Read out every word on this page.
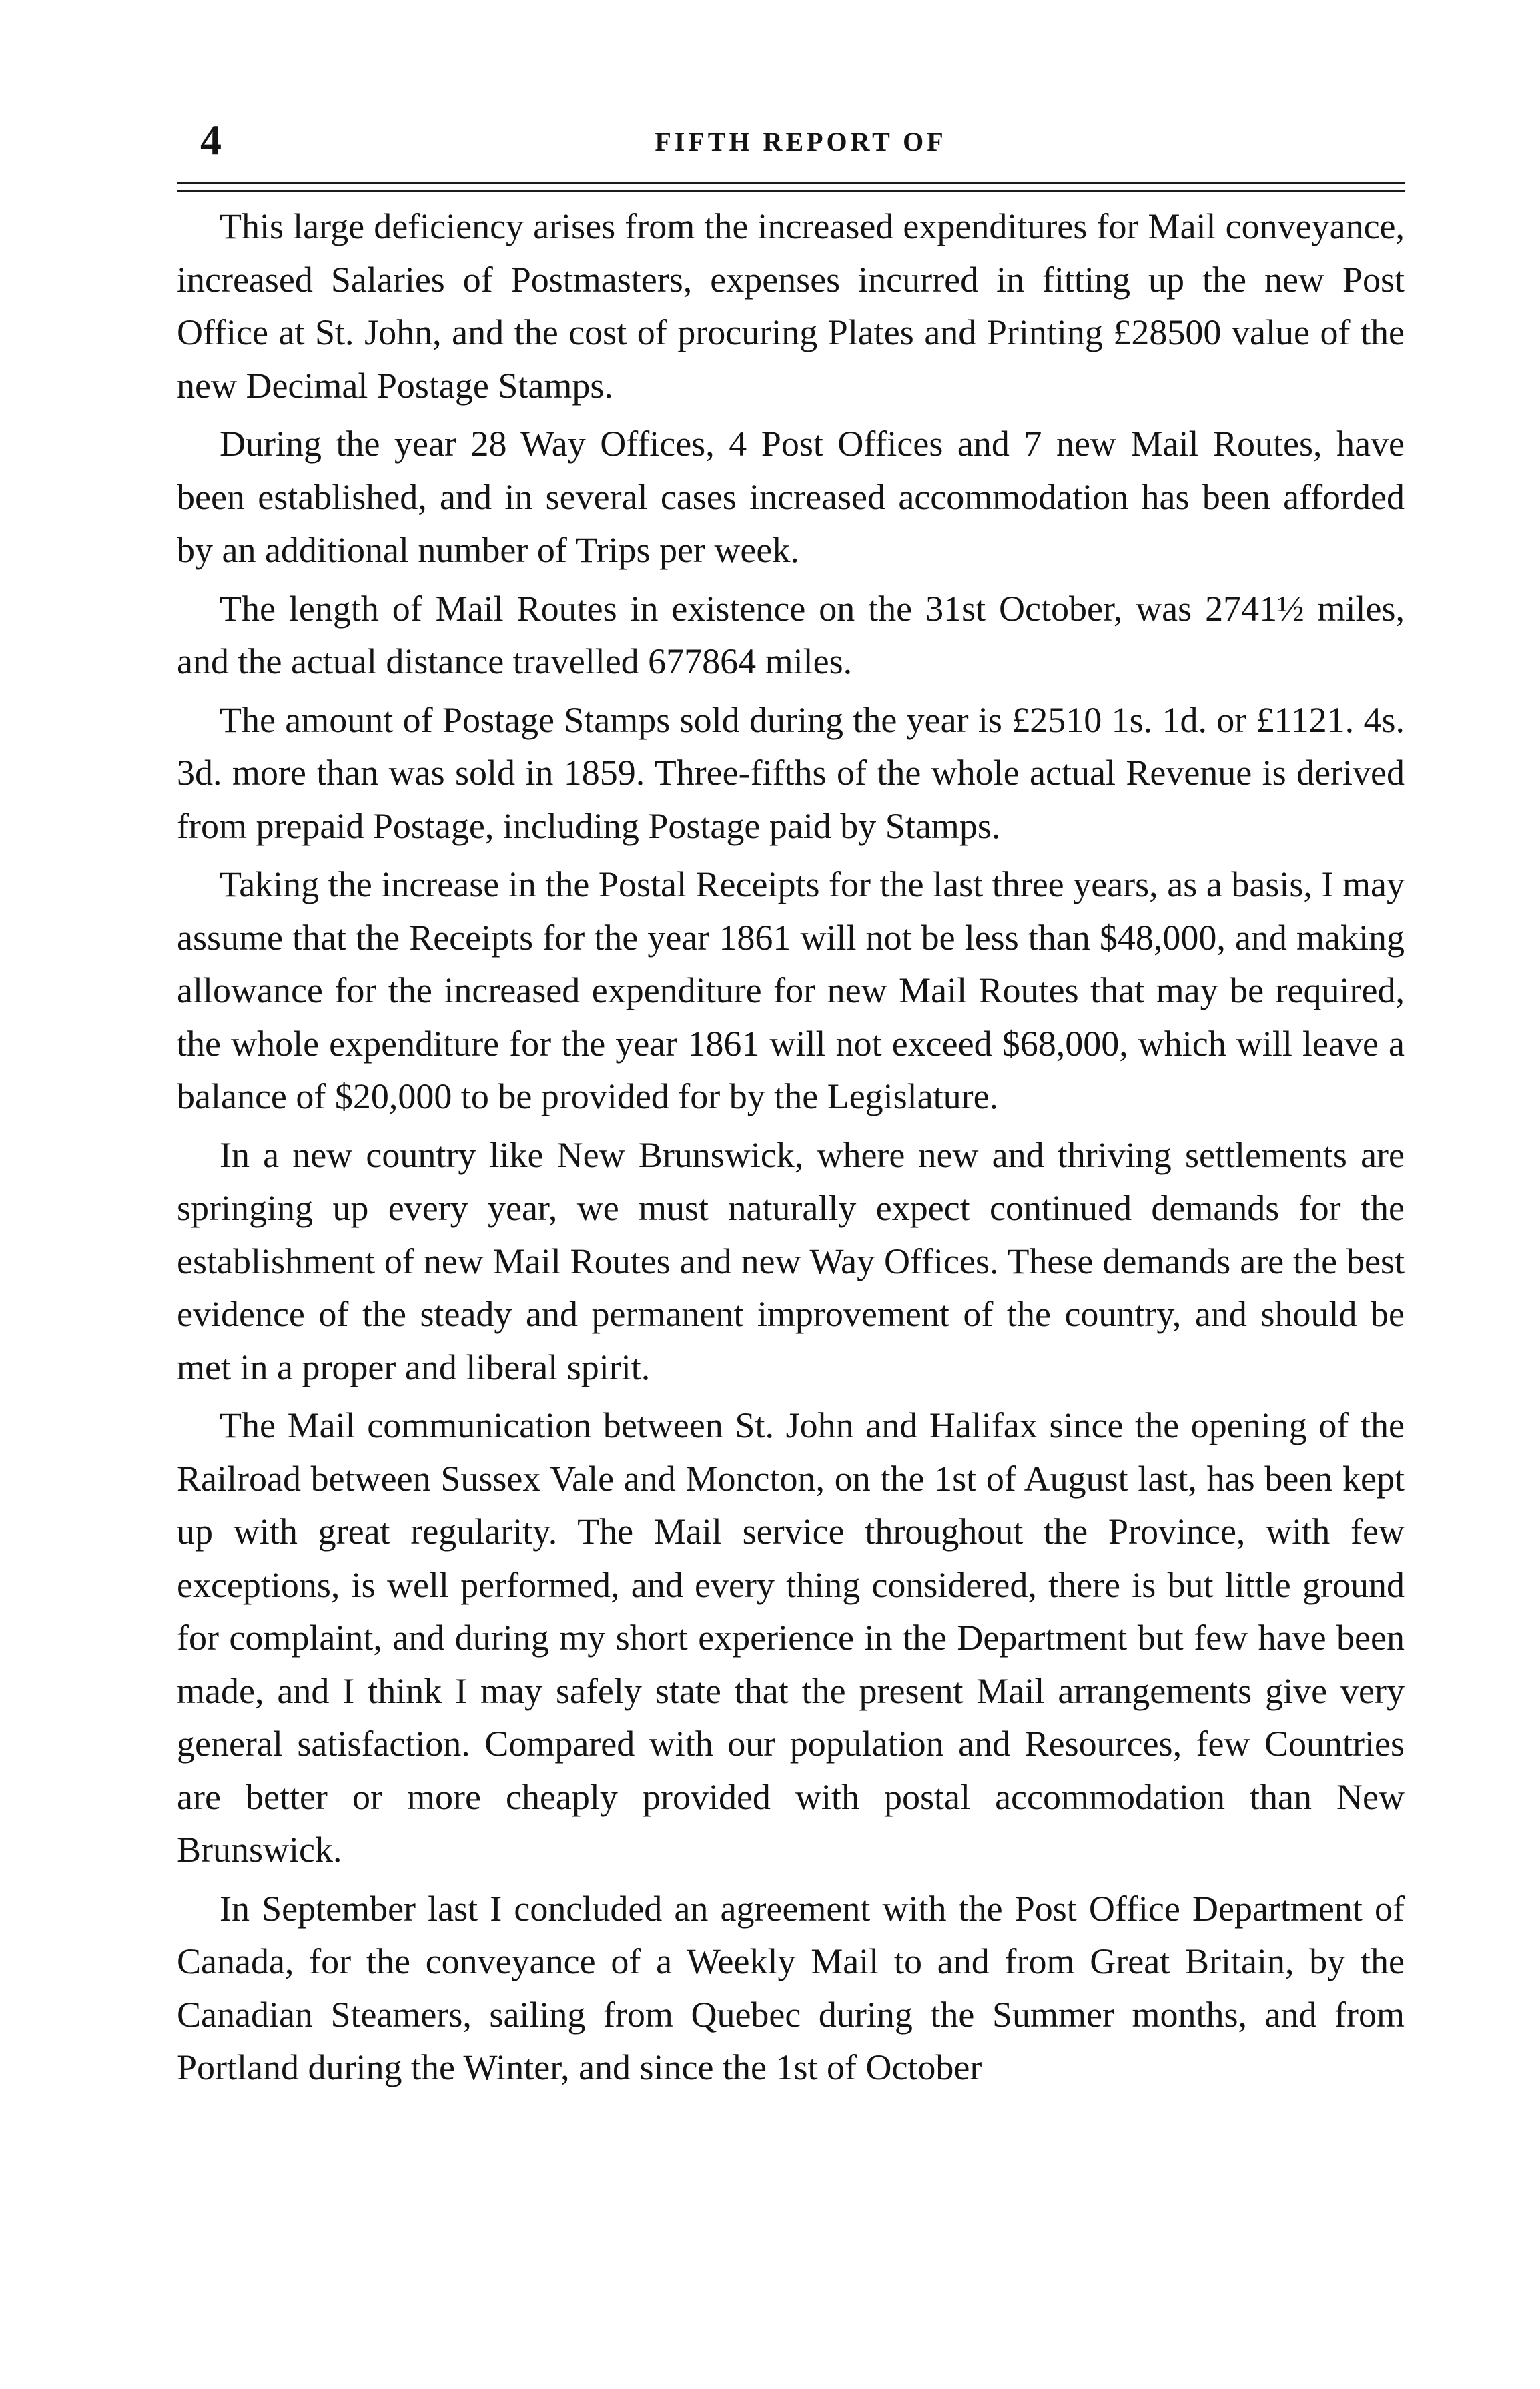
4	FIFTH REPORT OF

This large deficiency arises from the increased expenditures for Mail conveyance, increased Salaries of Postmasters, expenses incurred in fitting up the new Post Office at St. John, and the cost of procuring Plates and Printing £28500 value of the new Decimal Postage Stamps.

During the year 28 Way Offices, 4 Post Offices and 7 new Mail Routes, have been established, and in several cases increased accommodation has been afforded by an additional number of Trips per week.

The length of Mail Routes in existence on the 31st October, was 2741½ miles, and the actual distance travelled 677864 miles.

The amount of Postage Stamps sold during the year is £2510 1s. 1d. or £1121. 4s. 3d. more than was sold in 1859. Three-fifths of the whole actual Revenue is derived from prepaid Postage, including Postage paid by Stamps.

Taking the increase in the Postal Receipts for the last three years, as a basis, I may assume that the Receipts for the year 1861 will not be less than $48,000, and making allowance for the increased expenditure for new Mail Routes that may be required, the whole expenditure for the year 1861 will not exceed $68,000, which will leave a balance of $20,000 to be provided for by the Legislature.

In a new country like New Brunswick, where new and thriving settlements are springing up every year, we must naturally expect continued demands for the establishment of new Mail Routes and new Way Offices. These demands are the best evidence of the steady and permanent improvement of the country, and should be met in a proper and liberal spirit.

The Mail communication between St. John and Halifax since the opening of the Railroad between Sussex Vale and Moncton, on the 1st of August last, has been kept up with great regularity. The Mail service throughout the Province, with few exceptions, is well performed, and every thing considered, there is but little ground for complaint, and during my short experience in the Department but few have been made, and I think I may safely state that the present Mail arrangements give very general satisfaction. Compared with our population and Resources, few Countries are better or more cheaply provided with postal accommodation than New Brunswick.

In September last I concluded an agreement with the Post Office Department of Canada, for the conveyance of a Weekly Mail to and from Great Britain, by the Canadian Steamers, sailing from Quebec during the Summer months, and from Portland during the Winter, and since the 1st of October
